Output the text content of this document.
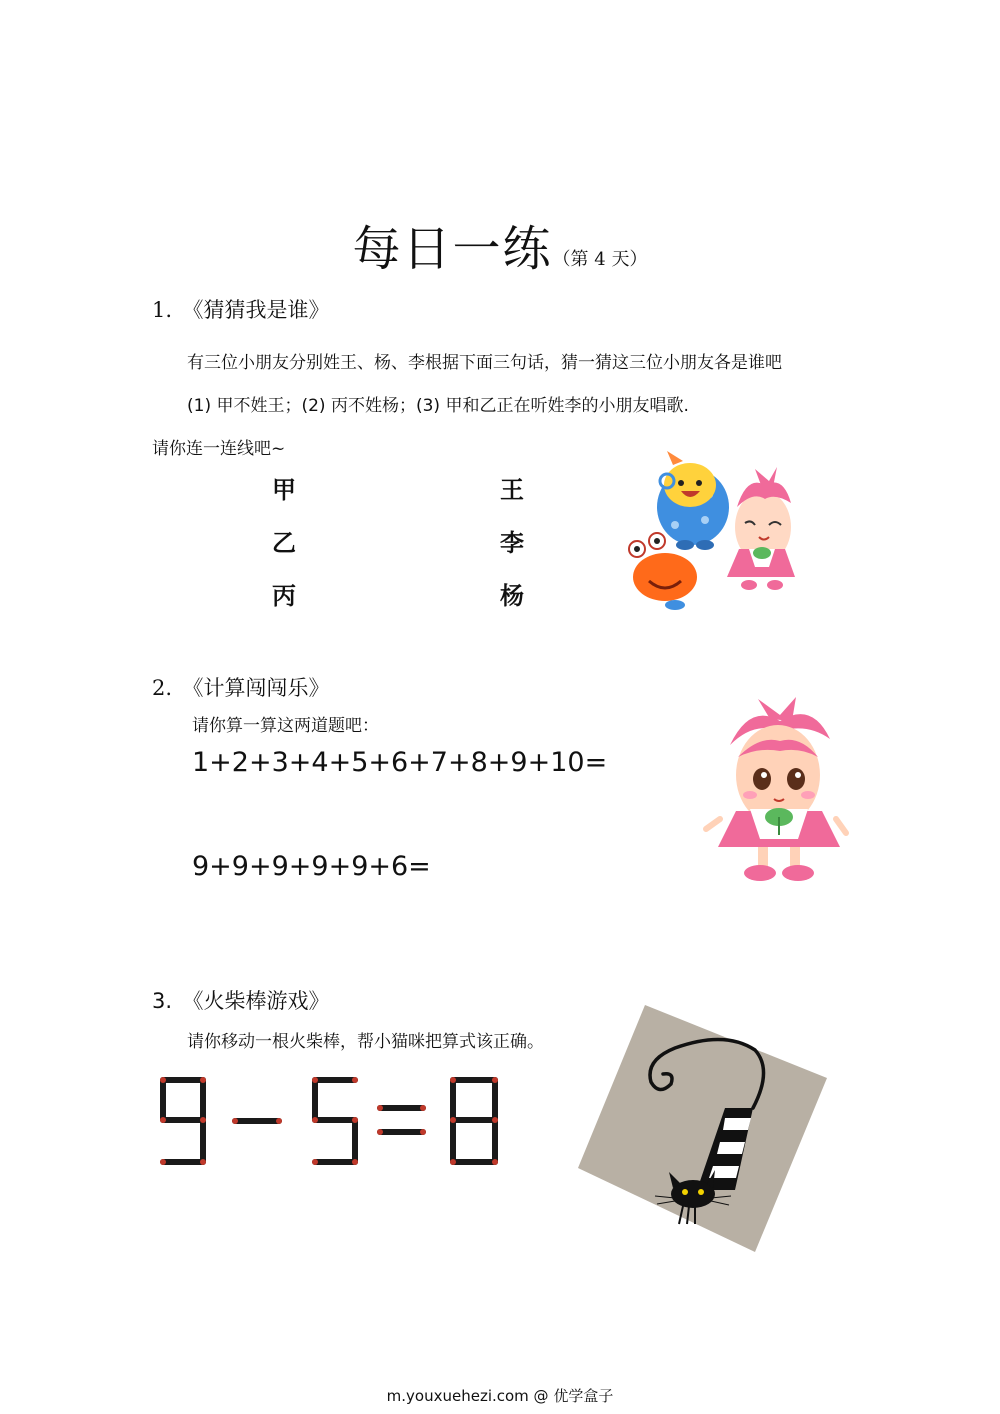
每日一练（第 4 天）
1.　《猜猜我是谁》
有三位小朋友分别姓王、杨、李根据下面三句话，猜一猜这三位小朋友各是谁吧
(1) 甲不姓王；(2) 丙不姓杨；(3) 甲和乙正在听姓李的小朋友唱歌.
请你连一连线吧~
甲
乙
丙
王
李
杨
2.　《计算闯闯乐》
请你算一算这两道题吧：
1+2+3+4+5+6+7+8+9+10=
9+9+9+9+9+6=
3.　《火柴棒游戏》
请你移动一根火柴棒，帮小猫咪把算式该正确。
m.youxuehezi.com @ 优学盒子
